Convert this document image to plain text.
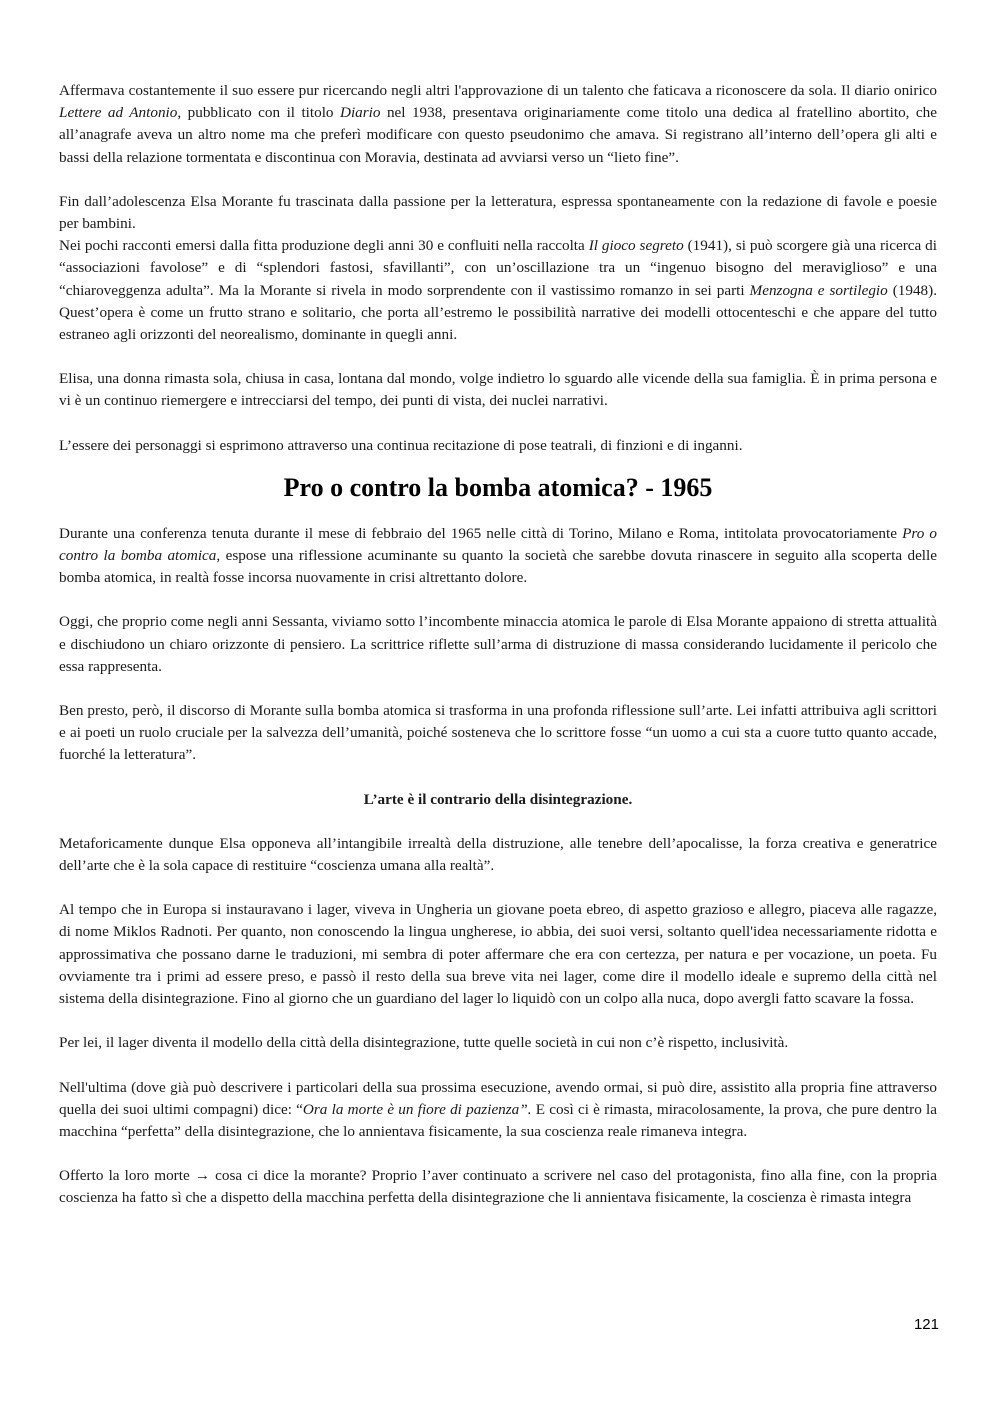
Affermava costantemente il suo essere pur ricercando negli altri l'approvazione di un talento che faticava a riconoscere da sola. Il diario onirico Lettere ad Antonio, pubblicato con il titolo Diario nel 1938, presentava originariamente come titolo una dedica al fratellino abortito, che all’anagrafe aveva un altro nome ma che preferì modificare con questo pseudonimo che amava. Si registrano all’interno dell’opera gli alti e bassi della relazione tormentata e discontinua con Moravia, destinata ad avviarsi verso un “lieto fine”.

Fin dall’adolescenza Elsa Morante fu trascinata dalla passione per la letteratura, espressa spontaneamente con la redazione di favole e poesie per bambini.

Nei pochi racconti emersi dalla fitta produzione degli anni 30 e confluiti nella raccolta Il gioco segreto (1941), si può scorgere già una ricerca di “associazioni favolose” e di “splendori fastosi, sfavillanti”, con un’oscillazione tra un “ingenuo bisogno del meraviglioso” e una “chiaroveggenza adulta”. Ma la Morante si rivela in modo sorprendente con il vastissimo romanzo in sei parti Menzogna e sortilegio (1948). Quest’opera è come un frutto strano e solitario, che porta all’estremo le possibilità narrative dei modelli ottocenteschi e che appare del tutto estraneo agli orizzonti del neorealismo, dominante in quegli anni.

Elisa, una donna rimasta sola, chiusa in casa, lontana dal mondo, volge indietro lo sguardo alle vicende della sua famiglia. È in prima persona e vi è un continuo riemergere e intrecciarsi del tempo, dei punti di vista, dei nuclei narrativi.

L’essere dei personaggi si esprimono attraverso una continua recitazione di pose teatrali, di finzioni e di inganni.

Pro o contro la bomba atomica? - 1965

Durante una conferenza tenuta durante il mese di febbraio del 1965 nelle città di Torino, Milano e Roma, intitolata provocatoriamente Pro o contro la bomba atomica, espose una riflessione acuminante su quanto la società che sarebbe dovuta rinascere in seguito alla scoperta delle bomba atomica, in realtà fosse incorsa nuovamente in crisi altrettanto dolore.

Oggi, che proprio come negli anni Sessanta, viviamo sotto l’incombente minaccia atomica le parole di Elsa Morante appaiono di stretta attualità e dischiudono un chiaro orizzonte di pensiero. La scrittrice riflette sull’arma di distruzione di massa considerando lucidamente il pericolo che essa rappresenta.

Ben presto, però, il discorso di Morante sulla bomba atomica si trasforma in una profonda riflessione sull’arte. Lei infatti attribuiva agli scrittori e ai poeti un ruolo cruciale per la salvezza dell’umanità, poiché sosteneva che lo scrittore fosse “un uomo a cui sta a cuore tutto quanto accade, fuorché la letteratura”.

L’arte è il contrario della disintegrazione.

Metaforicamente dunque Elsa opponeva all’intangibile irrealtà della distruzione, alle tenebre dell’apocalisse, la forza creativa e generatrice dell’arte che è la sola capace di restituire “coscienza umana alla realtà”.

Al tempo che in Europa si instauravano i lager, viveva in Ungheria un giovane poeta ebreo, di aspetto grazioso e allegro, piaceva alle ragazze, di nome Miklos Radnoti. Per quanto, non conoscendo la lingua ungherese, io abbia, dei suoi versi, soltanto quell'idea necessariamente ridotta e approssimativa che possano darne le traduzioni, mi sembra di poter affermare che era con certezza, per natura e per vocazione, un poeta. Fu ovviamente tra i primi ad essere preso, e passò il resto della sua breve vita nei lager, come dire il modello ideale e supremo della città nel sistema della disintegrazione. Fino al giorno che un guardiano del lager lo liquidò con un colpo alla nuca, dopo avergli fatto scavare la fossa.

Per lei, il lager diventa il modello della città della disintegrazione, tutte quelle società in cui non c’è rispetto, inclusività.

Nell'ultima (dove già può descrivere i particolari della sua prossima esecuzione, avendo ormai, si può dire, assistito alla propria fine attraverso quella dei suoi ultimi compagni) dice: “Ora la morte è un fiore di pazienza”. E così ci è rimasta, miracolosamente, la prova, che pure dentro la macchina “perfetta” della disintegrazione, che lo annientava fisicamente, la sua coscienza reale rimaneva integra.

Offerto la loro morte → cosa ci dice la morante? Proprio l’aver continuato a scrivere nel caso del protagonista, fino alla fine, con la propria coscienza ha fatto sì che a dispetto della macchina perfetta della disintegrazione che li annientava fisicamente, la coscienza è rimasta integra

121
